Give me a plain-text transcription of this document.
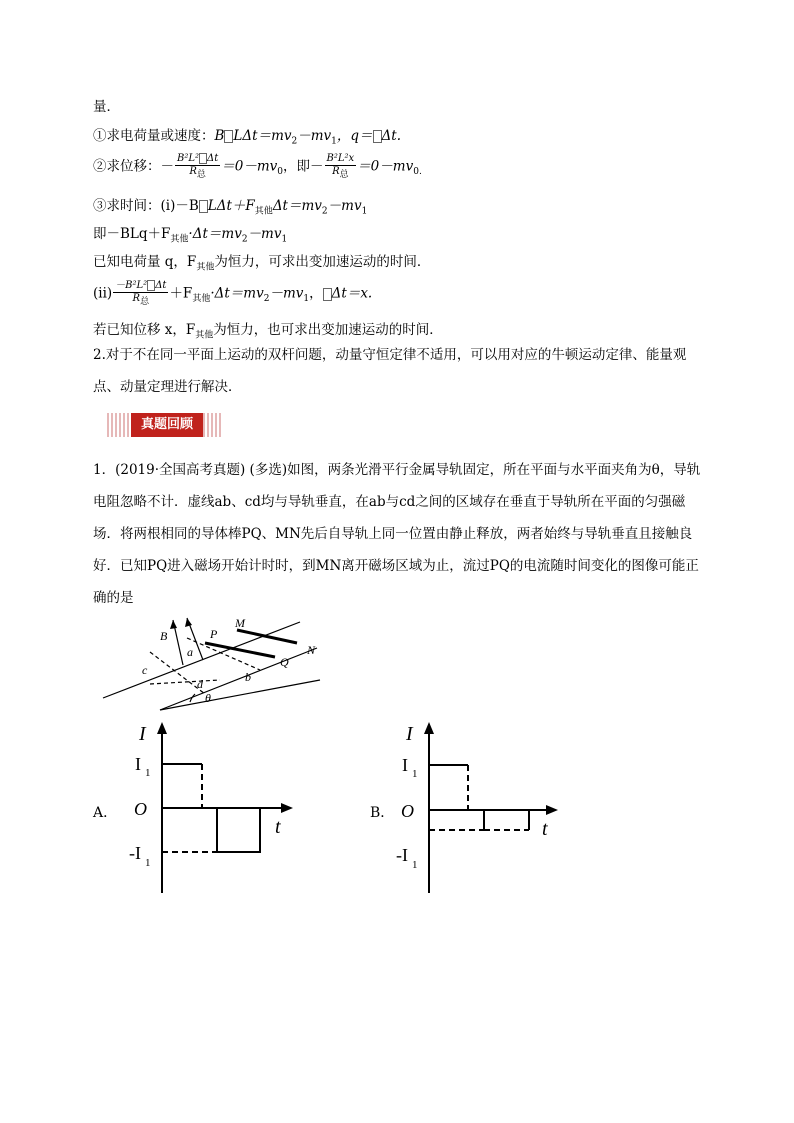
量．
①求电荷量或速度：B $L\Delta t=mv_2-mv_1$，q＝ Δt.
②求位移：－ $\frac{\text{B²L² Δt}}{R_总} =0-mv_0$，即－ $\frac{\text{B²L²x}}{R_总} =0-mv_{0.}$
③求时间：(i)－B $L\Delta t+F_{其他}\Delta t=mv_2-mv_1$
即$-BLq+F_{其他}\cdot\Delta t=mv_2-mv_1$
已知电荷量 q，$F_{其他}$为恒力，可求出变加速运动的时间．
$(ii) \frac{\text{－B²L² Δt}}{R_总} +F_{其他}\cdot\Delta t=mv_2-mv_1$， Δt＝x.
若已知位移 x，$F_{其他}$为恒力，也可求出变加速运动的时间．
2.对于不在同一平面上运动的双杆问题，动量守恒定律不适用，可以用对应的牛顿运动定律、能量观点、动量定理进行解决．
真题回顾
1．(2019·全国高考真题) (多选)如图，两条光滑平行金属导轨固定，所在平面与水平面夹角为θ，导轨电阻忽略不计．虚线ab、cd均与导轨垂直，在ab与cd之间的区域存在垂直于导轨所在平面的匀强磁场．将两根相同的导体棒PQ、MN先后自导轨上同一位置由静止释放，两者始终与导轨垂直且接触良好．已知PQ进入磁场开始计时时，到MN离开磁场区域为止，流过PQ的电流随时间变化的图像可能正确的是
B	P
M
N
Q
a
b
c
d
θ
A．
I
t
I 1
O
-I 1
B．
I
t
I 1
O
-I 1
